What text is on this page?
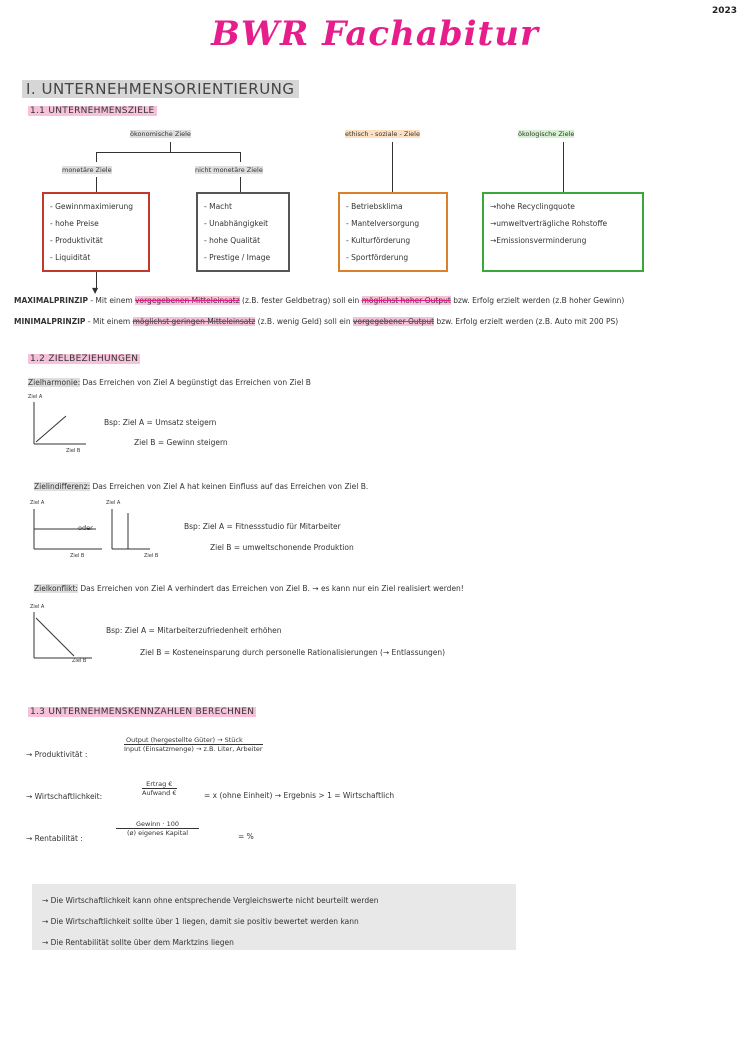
2023
BWR Fachabitur
I. UNTERNEHMENSORIENTIERUNG
1.1 UNTERNEHMENSZIELE
ökonomische Ziele	ethisch - soziale - Ziele	ökologische Ziele
monetäre Ziele	nicht monetäre Ziele
- Gewinnmaximierung
- hohe Preise
- Produktivität
- Liquidität
- Macht
- Unabhängigkeit
- hohe Qualität
- Prestige / Image
- Betriebsklima
- Mantelversorgung
- Kulturförderung
- Sportförderung
→ hohe Recyclingquote
→ umweltverträgliche Rohstoffe
→ Emissionsverminderung
▼
MAXIMALPRINZIP - Mit einem vorgegebenen Mitteleinsatz (z.B. fester Geldbetrag) soll ein möglichst hoher Output bzw. Erfolg erzielt werden (z.B hoher Gewinn)
MINIMALPRINZIP - Mit einem möglichst geringen Mitteleinsatz (z.B. wenig Geld) soll ein vorgegebener Output bzw. Erfolg erzielt werden (z.B. Auto mit 200 PS)
1.2 ZIELBEZIEHUNGEN
Zielharmonie: Das Erreichen von Ziel A begünstigt das Erreichen von Ziel B
Ziel A
Ziel B
Bsp: Ziel A = Umsatz steigern
Ziel B = Gewinn steigern
Zielindifferenz: Das Erreichen von Ziel A hat keinen Einfluss auf das Erreichen von Ziel B.
Ziel A	Ziel A
Ziel B	Ziel B
oder	Bsp: Ziel A = Fitnessstudio für Mitarbeiter
Ziel B = umweltschonende Produktion
Zielkonflikt: Das Erreichen von Ziel A verhindert das Erreichen von Ziel B. → es kann nur ein Ziel realisiert werden!
Ziel A
Ziel B
Bsp: Ziel A = Mitarbeiterzufriedenheit erhöhen
Ziel B = Kosteneinsparung durch personelle Rationalisierungen (→ Entlassungen)
1.3 UNTERNEHMENSKENNZAHLEN BERECHNEN
→ Produktivität :
Output (hergestellte Güter) → Stück
Input (Einsatzmenge) → z.B. Liter, Arbeiter
→ Wirtschaftlichkeit:
Ertrag €
Aufwand €	= x (ohne Einheit) → Ergebnis > 1 = Wirtschaftlich
→ Rentabilität :
Gewinn · 100
(ø) eigenes Kapital	= %
→ Die Wirtschaftlichkeit kann ohne entsprechende Vergleichswerte nicht beurteilt werden
→ Die Wirtschaftlichkeit sollte über 1 liegen, damit sie positiv bewertet werden kann
→ Die Rentabilität sollte über dem Marktzins liegen
